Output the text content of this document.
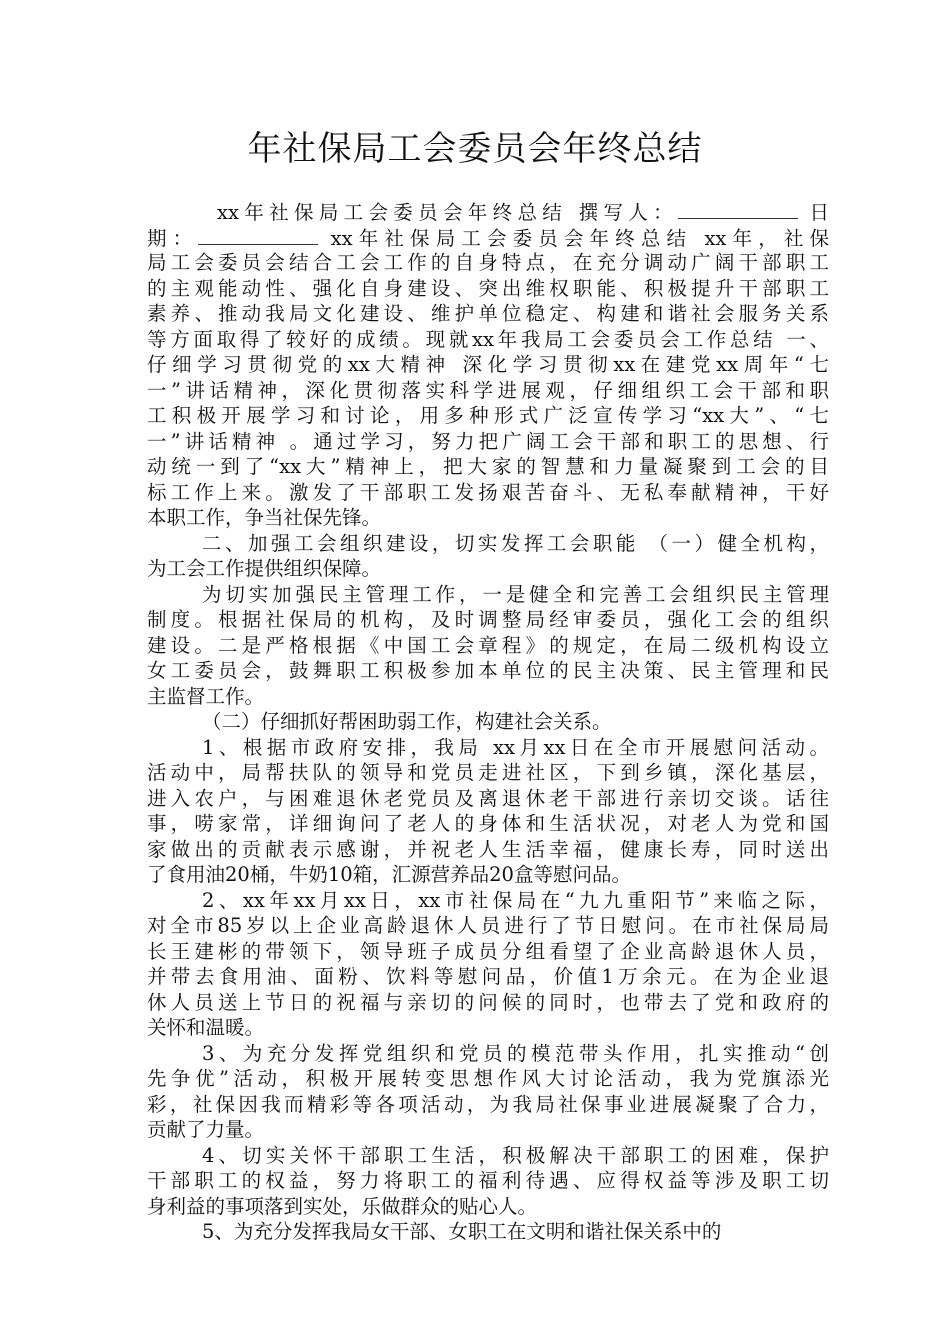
年社保局工会委员会年终总结
xx年社保局工会委员会年终总结 撰写人：	日
期：	xx年社保局工会委员会年终总结 xx年，社保
局工会委员会结合工会工作的自身特点，在充分调动广阔干部职工
的主观能动性、强化自身建设、突出维权职能、积极提升干部职工
素养、推动我局文化建设、维护单位稳定、构建和谐社会服务关系
等方面取得了较好的成绩。现就xx年我局工会委员会工作总结 一、
仔细学习贯彻党的xx大精神 深化学习贯彻xx在建党xx周年“七
一”讲话精神，深化贯彻落实科学进展观，仔细组织工会干部和职
工积极开展学习和讨论，用多种形式广泛宣传学习“xx大”、“七
一”讲话精神 。通过学习，努力把广阔工会干部和职工的思想、行
动统一到了“xx大”精神上，把大家的智慧和力量凝聚到工会的目
标工作上来。激发了干部职工发扬艰苦奋斗、无私奉献精神，干好
本职工作，争当社保先锋。
二、加强工会组织建设，切实发挥工会职能 （一）健全机构，
为工会工作提供组织保障。
为切实加强民主管理工作，一是健全和完善工会组织民主管理
制度。根据社保局的机构，及时调整局经审委员，强化工会的组织
建设。二是严格根据《中国工会章程》的规定，在局二级机构设立
女工委员会，鼓舞职工积极参加本单位的民主决策、民主管理和民
主监督工作。
（二）仔细抓好帮困助弱工作，构建社会关系。
1、根据市政府安排，我局 xx月xx日在全市开展慰问活动。
活动中，局帮扶队的领导和党员走进社区，下到乡镇，深化基层，
进入农户，与困难退休老党员及离退休老干部进行亲切交谈。话往
事，唠家常，详细询问了老人的身体和生活状况，对老人为党和国
家做出的贡献表示感谢，并祝老人生活幸福，健康长寿，同时送出
了食用油20桶，牛奶10箱，汇源营养品20盒等慰问品。
2、xx年xx月xx日，xx市社保局在“九九重阳节”来临之际，
对全市85岁以上企业高龄退休人员进行了节日慰问。在市社保局局
长王建彬的带领下，领导班子成员分组看望了企业高龄退休人员，
并带去食用油、面粉、饮料等慰问品，价值1万余元。在为企业退
休人员送上节日的祝福与亲切的问候的同时，也带去了党和政府的
关怀和温暖。
3、为充分发挥党组织和党员的模范带头作用，扎实推动“创
先争优”活动，积极开展转变思想作风大讨论活动，我为党旗添光
彩，社保因我而精彩等各项活动，为我局社保事业进展凝聚了合力，
贡献了力量。
4、切实关怀干部职工生活，积极解决干部职工的困难，保护
干部职工的权益，努力将职工的福利待遇、应得权益等涉及职工切
身利益的事项落到实处，乐做群众的贴心人。
5、为充分发挥我局女干部、女职工在文明和谐社保关系中的
